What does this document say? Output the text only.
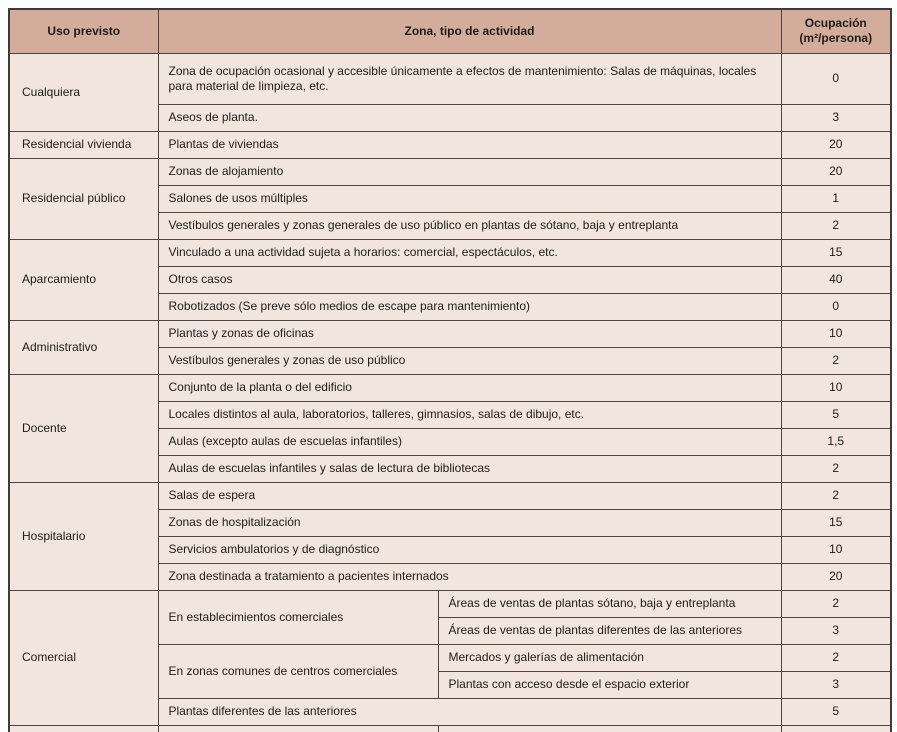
Uso previsto	Zona, tipo de actividad		Ocupación
(m²/persona)

Cualquiera	Zona de ocupación ocasional y accesible únicamente a efectos de mantenimiento: Salas de máquinas, locales para material de limpieza, etc.		0
	Aseos de planta.		3
Residencial vivienda	Plantas de viviendas		20
Residencial público	Zonas de alojamiento		20
	Salones de usos múltiples		1
	Vestíbulos generales y zonas generales de uso público en plantas de sótano, baja y entreplanta		2
Aparcamiento	Vinculado a una actividad sujeta a horarios: comercial, espectáculos, etc.		15
	Otros casos		40
	Robotizados (Se preve sólo medios de escape para mantenimiento)		0
Administrativo	Plantas y zonas de oficinas		10
	Vestíbulos generales y zonas de uso público		2
Docente	Conjunto de la planta o del edificio		10
	Locales distintos al aula, laboratorios, talleres, gimnasios, salas de dibujo, etc.		5
	Aulas (excepto aulas de escuelas infantiles)		1,5
	Aulas de escuelas infantiles y salas de lectura de bibliotecas		2
Hospitalario	Salas de espera		2
	Zonas de hospitalización		15
	Servicios ambulatorios y de diagnóstico		10
	Zona destinada a tratamiento a pacientes internados		20
Comercial	En establecimientos comerciales	Áreas de ventas de plantas sótano, baja y entreplanta	2
		Áreas de ventas de plantas diferentes de las anteriores	3
	En zonas comunes de centros comerciales	Mercados y galerías de alimentación	2
		Plantas con acceso desde el espacio exterior	3
	Plantas diferentes de las anteriores		5
